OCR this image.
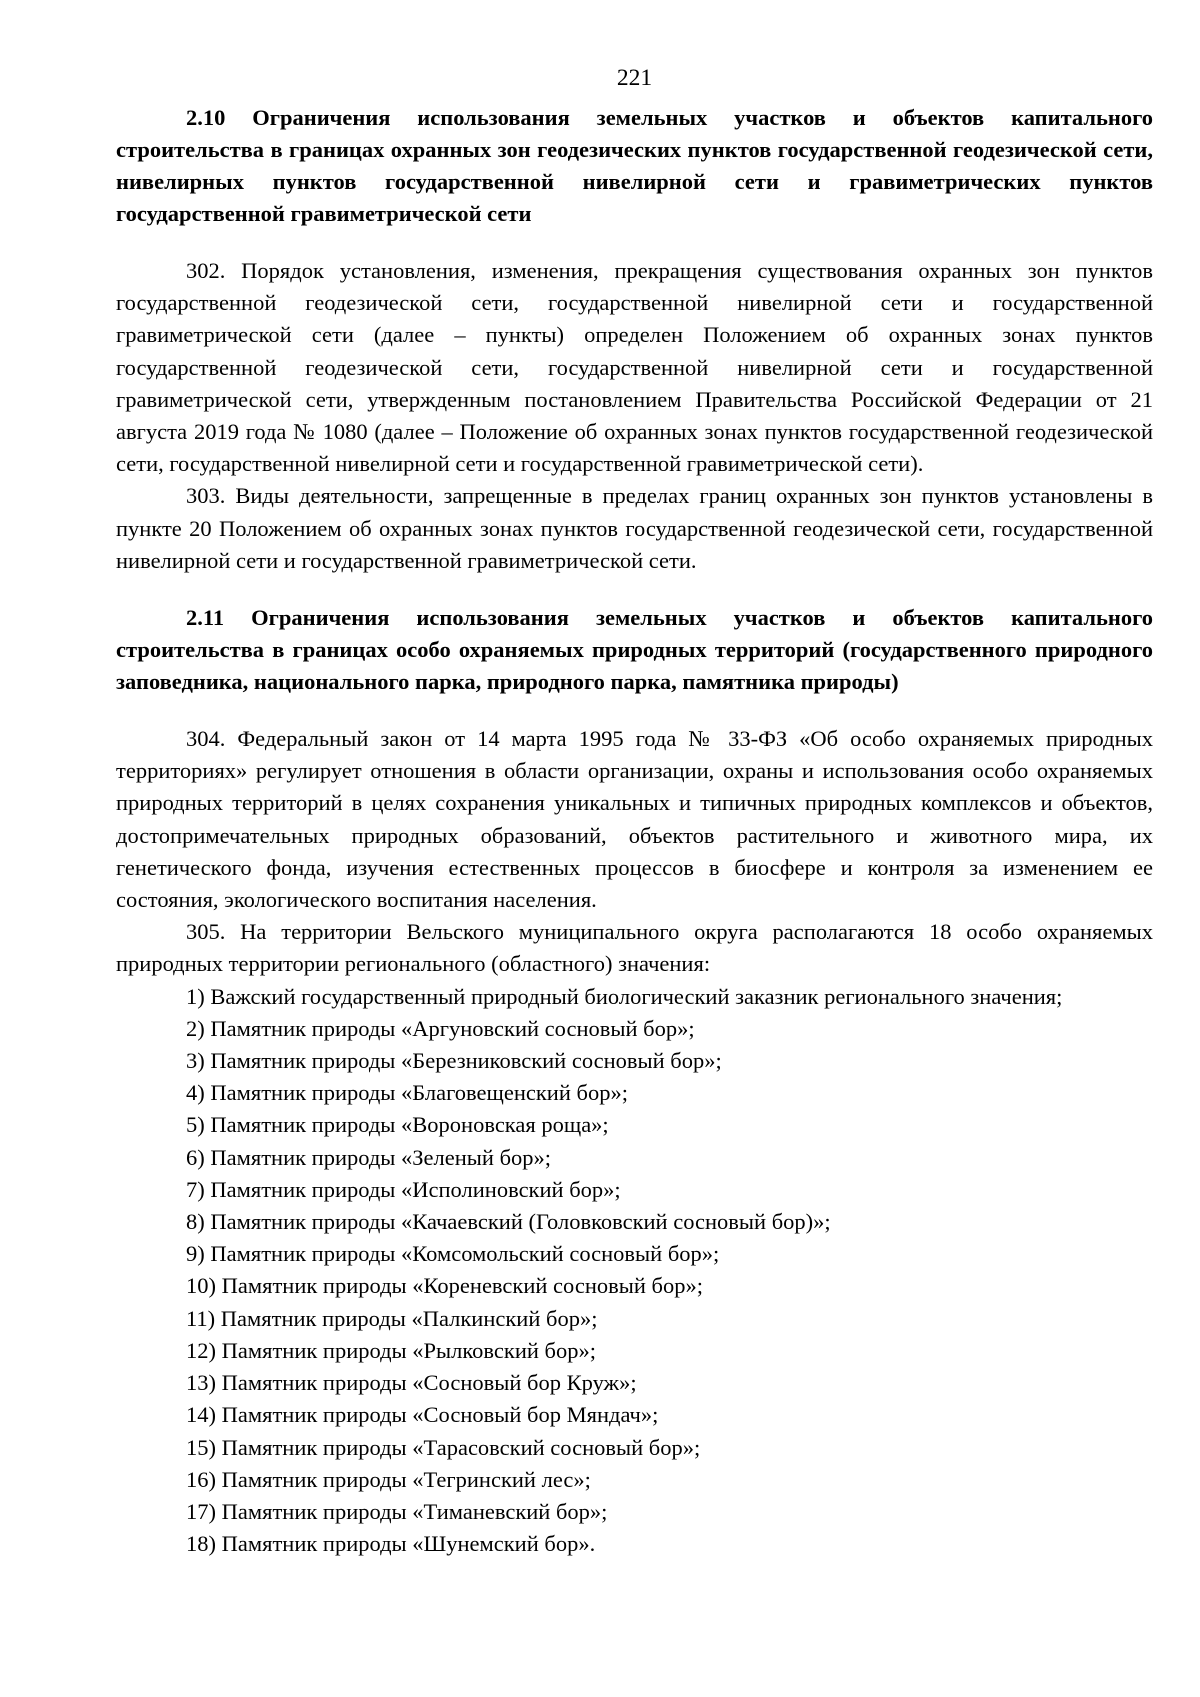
221
2.10 Ограничения использования земельных участков и объектов капитального строительства в границах охранных зон геодезических пунктов государственной геодезической сети, нивелирных пунктов государственной нивелирной сети и гравиметрических пунктов государственной гравиметрической сети

302. Порядок установления, изменения, прекращения существования охранных зон пунктов государственной геодезической сети, государственной нивелирной сети и государственной гравиметрической сети (далее – пункты) определен Положением об охранных зонах пунктов государственной геодезической сети, государственной нивелирной сети и государственной гравиметрической сети, утвержденным постановлением Правительства Российской Федерации от 21 августа 2019 года № 1080 (далее – Положение об охранных зонах пунктов государственной геодезической сети, государственной нивелирной сети и государственной гравиметрической сети).

303. Виды деятельности, запрещенные в пределах границ охранных зон пунктов установлены в пункте 20 Положением об охранных зонах пунктов государственной геодезической сети, государственной нивелирной сети и государственной гравиметрической сети.

2.11 Ограничения использования земельных участков и объектов капитального строительства в границах особо охраняемых природных территорий (государственного природного заповедника, национального парка, природного парка, памятника природы)

304. Федеральный закон от 14 марта 1995 года № 33-ФЗ «Об особо охраняемых природных территориях» регулирует отношения в области организации, охраны и использования особо охраняемых природных территорий в целях сохранения уникальных и типичных природных комплексов и объектов, достопримечательных природных образований, объектов растительного и животного мира, их генетического фонда, изучения естественных процессов в биосфере и контроля за изменением ее состояния, экологического воспитания населения.

305. На территории Вельского муниципального округа располагаются 18 особо охраняемых природных территории регионального (областного) значения:

1) Важский государственный природный биологический заказник регионального значения;
2) Памятник природы «Аргуновский сосновый бор»;
3) Памятник природы «Березниковский сосновый бор»;
4) Памятник природы «Благовещенский бор»;
5) Памятник природы «Вороновская роща»;
6) Памятник природы «Зеленый бор»;
7) Памятник природы «Исполиновский бор»;
8) Памятник природы «Качаевский (Головковский сосновый бор)»;
9) Памятник природы «Комсомольский сосновый бор»;
10) Памятник природы «Кореневский сосновый бор»;
11) Памятник природы «Палкинский бор»;
12) Памятник природы «Рылковский бор»;
13) Памятник природы «Сосновый бор Круж»;
14) Памятник природы «Сосновый бор Мяндач»;
15) Памятник природы «Тарасовский сосновый бор»;
16) Памятник природы «Тегринский лес»;
17) Памятник природы «Тиманевский бор»;
18) Памятник природы «Шунемский бор».
